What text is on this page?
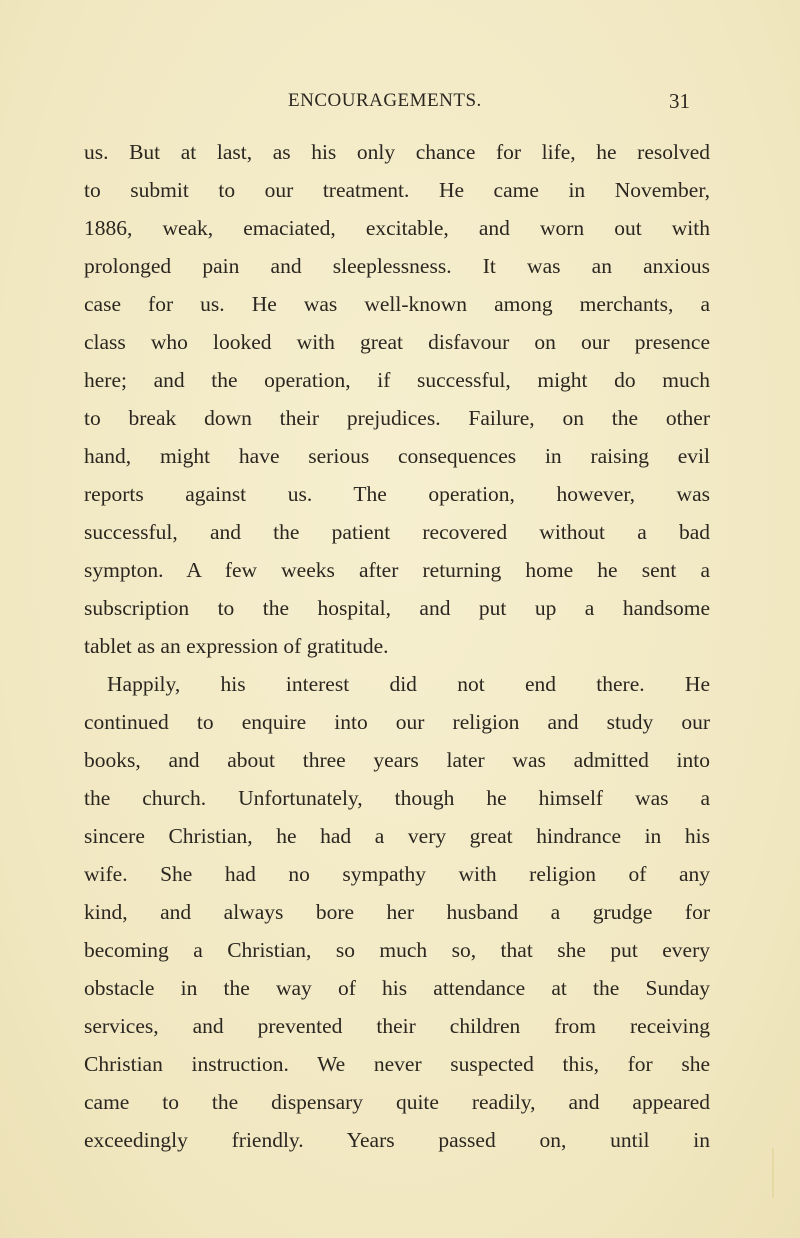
ENCOURAGEMENTS.	31
us. But at last, as his only chance for life, he resolved
to submit to our treatment. He came in November,
1886, weak, emaciated, excitable, and worn out with
prolonged pain and sleeplessness. It was an anxious
case for us. He was well-known among merchants, a
class who looked with great disfavour on our presence
here; and the operation, if successful, might do much
to break down their prejudices. Failure, on the other
hand, might have serious consequences in raising evil
reports against us. The operation, however, was
successful, and the patient recovered without a bad
sympton. A few weeks after returning home he sent a
subscription to the hospital, and put up a handsome
tablet as an expression of gratitude.
Happily, his interest did not end there. He
continued to enquire into our religion and study our
books, and about three years later was admitted into
the church. Unfortunately, though he himself was a
sincere Christian, he had a very great hindrance in his
wife. She had no sympathy with religion of any
kind, and always bore her husband a grudge for
becoming a Christian, so much so, that she put every
obstacle in the way of his attendance at the Sunday
services, and prevented their children from receiving
Christian instruction. We never suspected this, for she
came to the dispensary quite readily, and appeared
exceedingly friendly. Years passed on, until in
